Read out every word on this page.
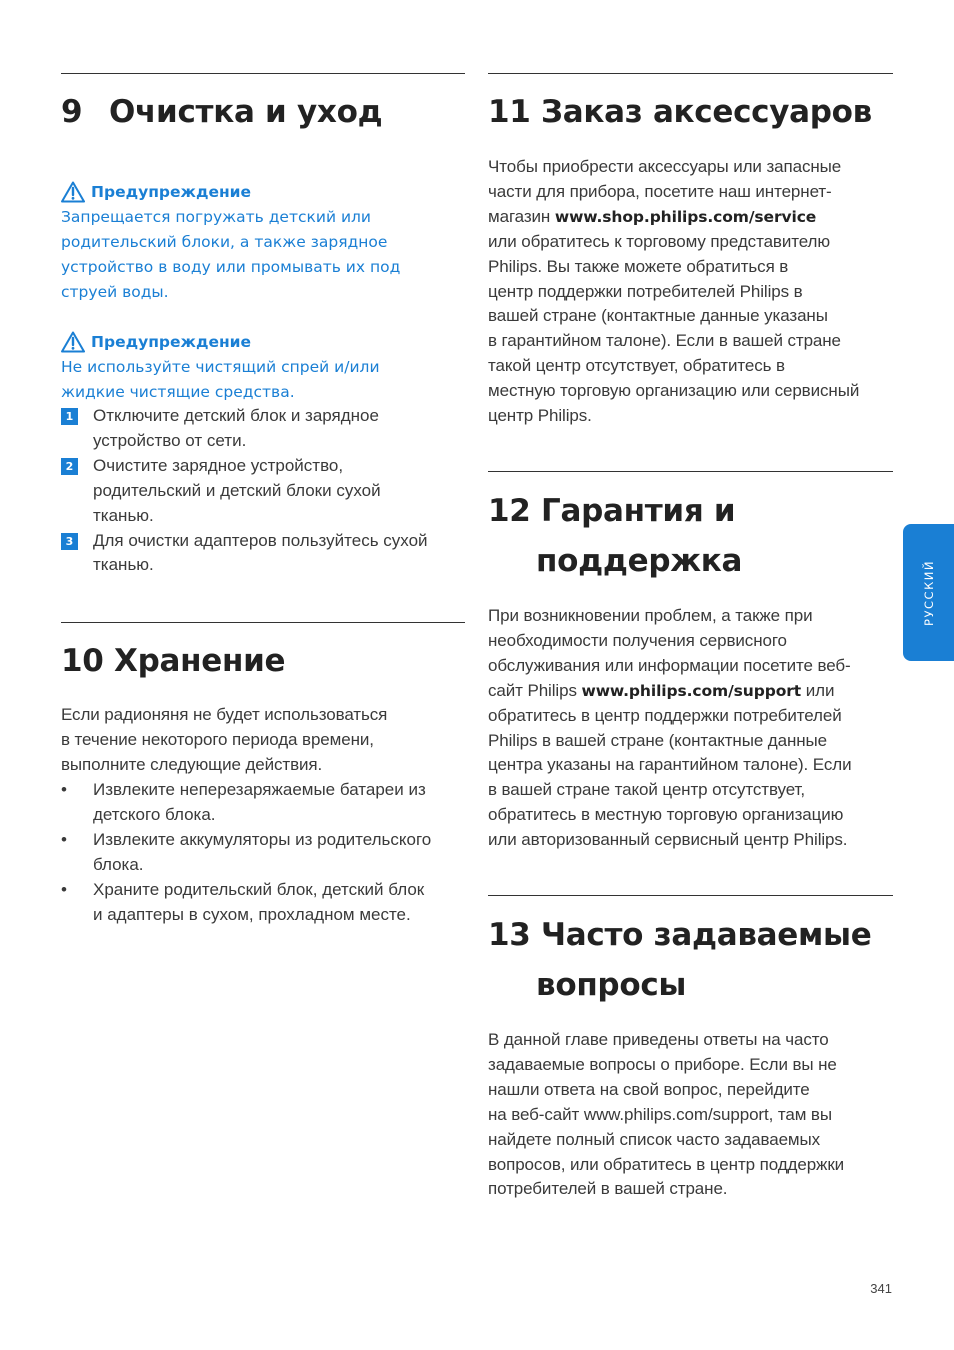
9 Очистка и уход
Предупреждение
Запрещается погружать детский или
родительский блоки, а также зарядное
устройство в воду или промывать их под
струей воды.
Предупреждение
Не используйте чистящий спрей и/или
жидкие чистящие средства.
1 Отключите детский блок и зарядное
устройство от сети.
2 Очистите зарядное устройство,
родительский и детский блоки сухой
тканью.
3 Для очистки адаптеров пользуйтесь сухой
тканью.
10 Хранение
Если радионяня не будет использоваться
в течение некоторого периода времени,
выполните следующие действия.
• Извлеките неперезаряжаемые батареи из
детского блока.
• Извлеките аккумуляторы из родительского
блока.
• Храните родительский блок, детский блок
и адаптеры в сухом, прохладном месте.
11 Заказ аксессуаров
Чтобы приобрести аксессуары или запасные
части для прибора, посетите наш интернет-
магазин www.shop.philips.com/service
или обратитесь к торговому представителю
Philips. Вы также можете обратиться в
центр поддержки потребителей Philips в
вашей стране (контактные данные указаны
в гарантийном талоне). Если в вашей стране
такой центр отсутствует, обратитесь в
местную торговую организацию или сервисный
центр Philips.
12 Гарантия и
поддержка
При возникновении проблем, а также при
необходимости получения сервисного
обслуживания или информации посетите веб-
сайт Philips www.philips.com/support или
обратитесь в центр поддержки потребителей
Philips в вашей стране (контактные данные
центра указаны на гарантийном талоне). Если
в вашей стране такой центр отсутствует,
обратитесь в местную торговую организацию
или авторизованный сервисный центр Philips.
13 Часто задаваемые
вопросы
В данной главе приведены ответы на часто
задаваемые вопросы о приборе. Если вы не
нашли ответа на свой вопрос, перейдите
на веб-сайт www.philips.com/support, там вы
найдете полный список часто задаваемых
вопросов, или обратитесь в центр поддержки
потребителей в вашей стране.
РУССКИЙ
341
